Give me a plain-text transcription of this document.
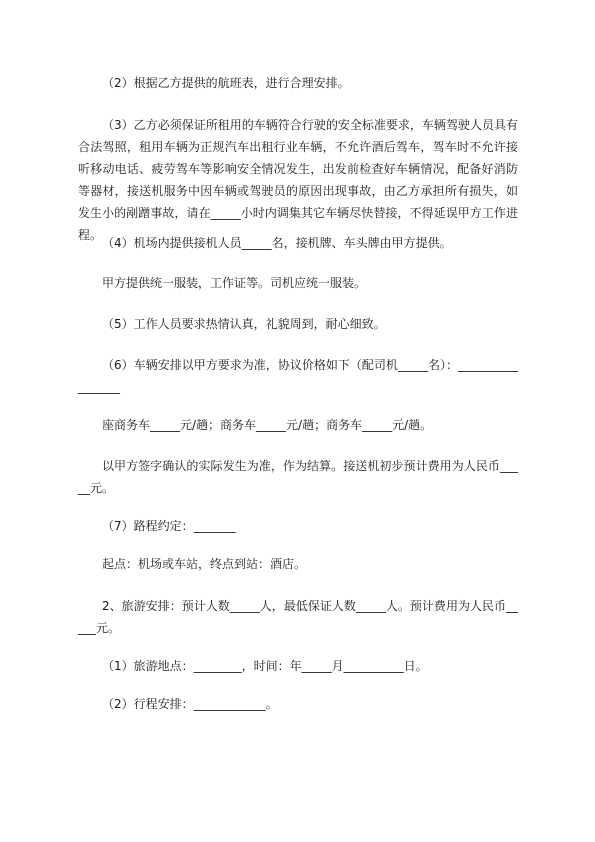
（2）根据乙方提供的航班表，进行合理安排。

（3）乙方必须保证所租用的车辆符合行驶的安全标准要求，车辆驾驶人员具有合法驾照，租用车辆为正规汽车出租行业车辆，不允许酒后驾车，驾车时不允许接听移动电话、疲劳驾车等影响安全情况发生，出发前检查好车辆情况，配备好消防等器材，接送机服务中因车辆或驾驶员的原因出现事故，由乙方承担所有损失，如发生小的剐蹭事故，请在_____小时内调集其它车辆尽快替接，不得延误甲方工作进程。

（4）机场内提供接机人员_____名，接机牌、车头牌由甲方提供。

甲方提供统一服装，工作证等。司机应统一服装。

（5）工作人员要求热情认真，礼貌周到，耐心细致。

（6）车辆安排以甲方要求为准，协议价格如下（配司机_____名）：_________________

座商务车_____元/趟；商务车_____元/趟；商务车_____元/趟。

以甲方签字确认的实际发生为准，作为结算。接送机初步预计费用为人民币_____元。

（7）路程约定：_______

起点：机场或车站，终点到站：酒店。

2、旅游安排：预计人数_____人，最低保证人数_____人。预计费用为人民币_____元。

（1）旅游地点：________，时间：年_____月__________日。

（2）行程安排：____________。
